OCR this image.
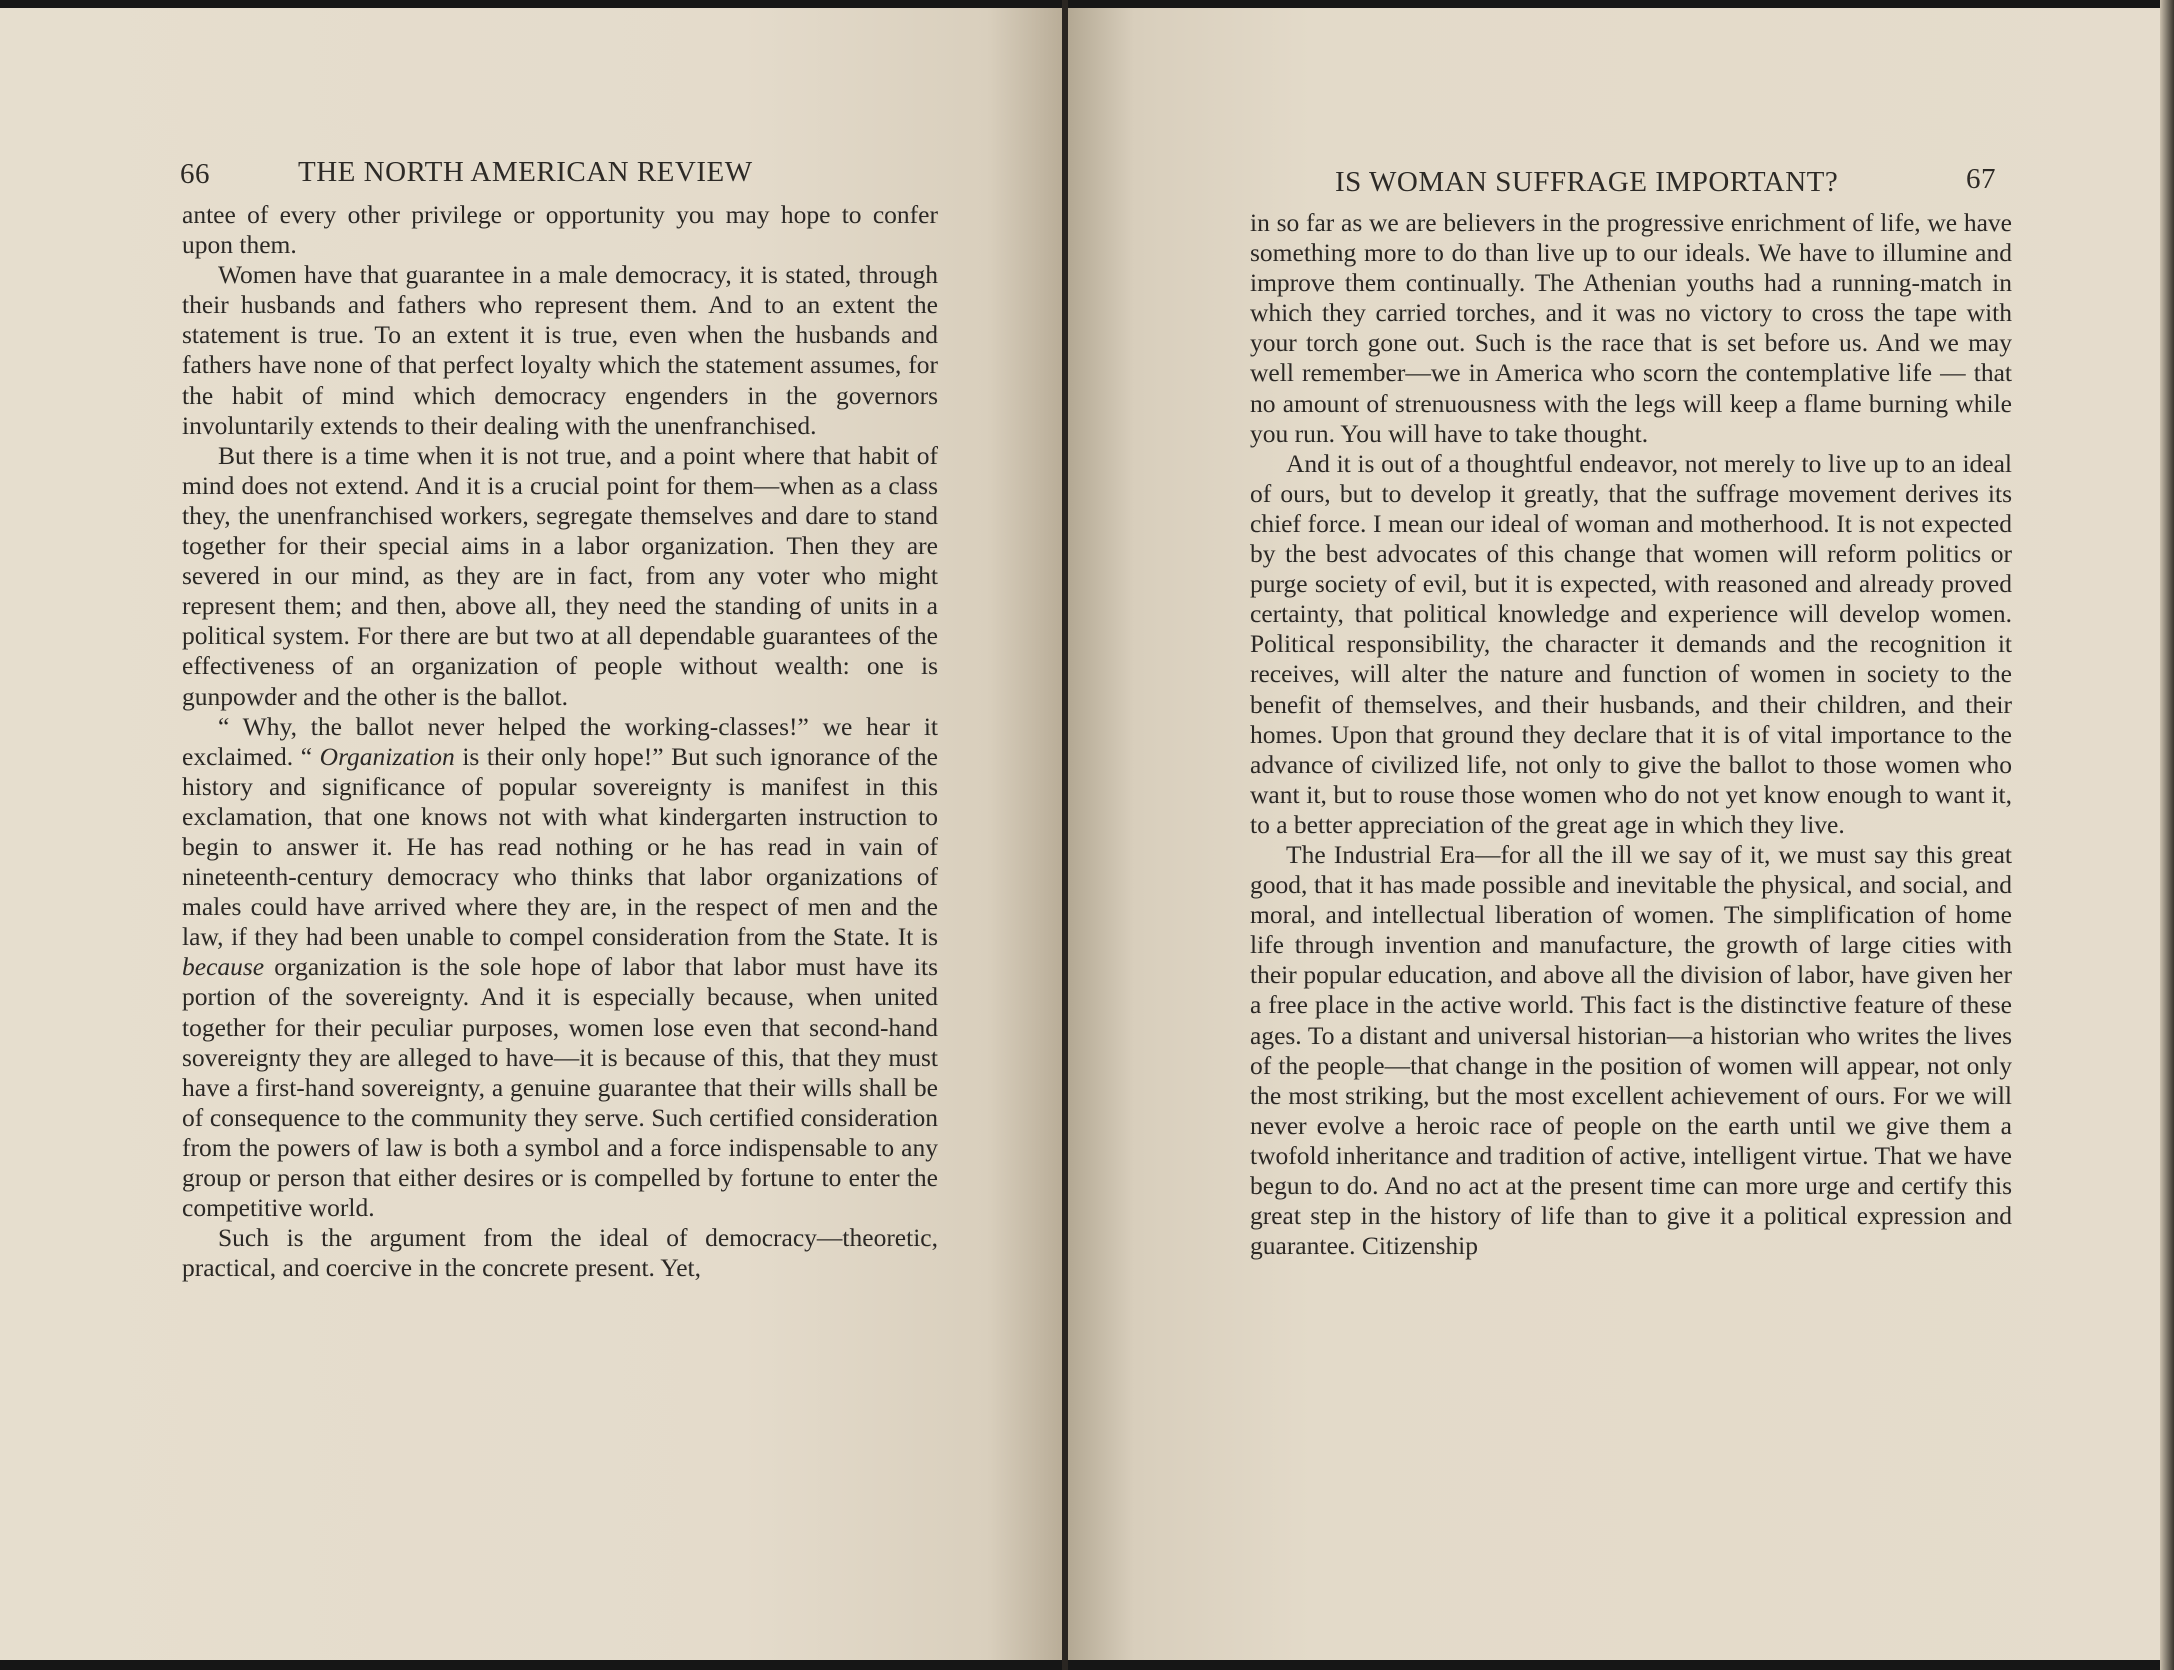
66	THE NORTH AMERICAN REVIEW

antee of every other privilege or opportunity you may hope to confer upon them.

Women have that guarantee in a male democracy, it is stated, through their husbands and fathers who represent them. And to an extent the statement is true. To an extent it is true, even when the husbands and fathers have none of that perfect loyalty which the statement assumes, for the habit of mind which democracy engenders in the governors involuntarily extends to their dealing with the unenfranchised.

But there is a time when it is not true, and a point where that habit of mind does not extend. And it is a crucial point for them—when as a class they, the unenfranchised workers, segregate themselves and dare to stand together for their special aims in a labor organization. Then they are severed in our mind, as they are in fact, from any voter who might represent them; and then, above all, they need the standing of units in a political system. For there are but two at all dependable guarantees of the effectiveness of an organization of people without wealth: one is gunpowder and the other is the ballot.

“ Why, the ballot never helped the working-classes!” we hear it exclaimed. “ Organization is their only hope!” But such ignorance of the history and significance of popular sovereignty is manifest in this exclamation, that one knows not with what kindergarten instruction to begin to answer it. He has read nothing or he has read in vain of nineteenth-century democracy who thinks that labor organizations of males could have arrived where they are, in the respect of men and the law, if they had been unable to compel consideration from the State. It is because organization is the sole hope of labor that labor must have its portion of the sovereignty. And it is especially because, when united together for their peculiar purposes, women lose even that second-hand sovereignty they are alleged to have—it is because of this, that they must have a first-hand sovereignty, a genuine guarantee that their wills shall be of consequence to the community they serve. Such certified consideration from the powers of law is both a symbol and a force indispensable to any group or person that either desires or is compelled by fortune to enter the competitive world.

Such is the argument from the ideal of democracy—theoretic, practical, and coercive in the concrete present. Yet,

IS WOMAN SUFFRAGE IMPORTANT?	67

in so far as we are believers in the progressive enrichment of life, we have something more to do than live up to our ideals. We have to illumine and improve them continually. The Athenian youths had a running-match in which they carried torches, and it was no victory to cross the tape with your torch gone out. Such is the race that is set before us. And we may well remember—we in America who scorn the contemplative life — that no amount of strenuousness with the legs will keep a flame burning while you run. You will have to take thought.

And it is out of a thoughtful endeavor, not merely to live up to an ideal of ours, but to develop it greatly, that the suffrage movement derives its chief force. I mean our ideal of woman and motherhood. It is not expected by the best advocates of this change that women will reform politics or purge society of evil, but it is expected, with reasoned and already proved certainty, that political knowledge and experience will develop women. Political responsibility, the character it demands and the recognition it receives, will alter the nature and function of women in society to the benefit of themselves, and their husbands, and their children, and their homes. Upon that ground they declare that it is of vital importance to the advance of civilized life, not only to give the ballot to those women who want it, but to rouse those women who do not yet know enough to want it, to a better appreciation of the great age in which they live.

The Industrial Era—for all the ill we say of it, we must say this great good, that it has made possible and inevitable the physical, and social, and moral, and intellectual liberation of women. The simplification of home life through invention and manufacture, the growth of large cities with their popular education, and above all the division of labor, have given her a free place in the active world. This fact is the distinctive feature of these ages. To a distant and universal historian—a historian who writes the lives of the people—that change in the position of women will appear, not only the most striking, but the most excellent achievement of ours. For we will never evolve a heroic race of people on the earth until we give them a twofold inheritance and tradition of active, intelligent virtue. That we have begun to do. And no act at the present time can more urge and certify this great step in the history of life than to give it a political expression and guarantee. Citizenship
